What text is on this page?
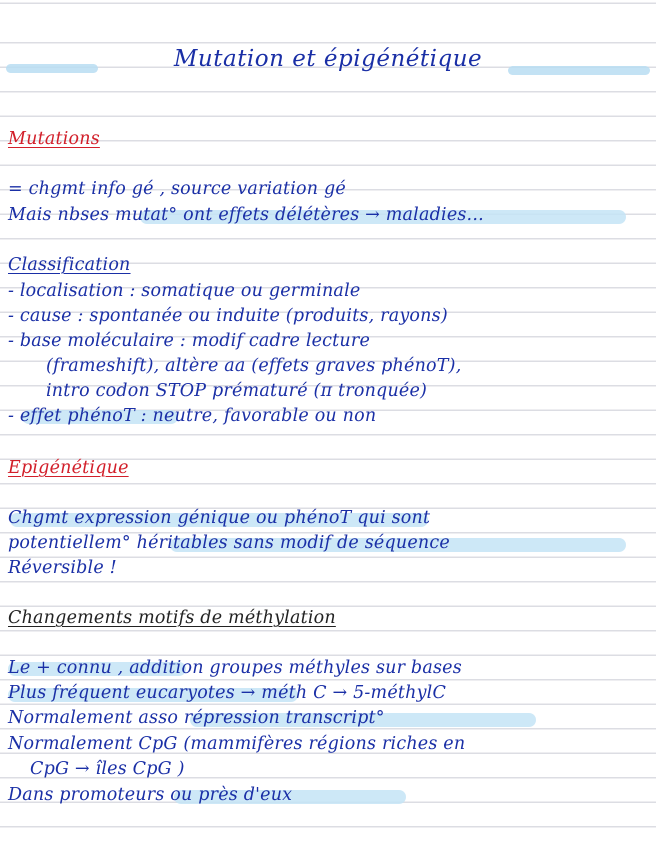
Mutation et épigénétique
Mutations
= chgmt info gé , source variation gé
Mais nbses mutat° ont effets délétères → maladies...
Classification
- localisation : somatique ou germinale
- cause : spontanée ou induite (produits, rayons)
- base moléculaire : modif cadre lecture
(frameshift), altère aa (effets graves phénoT),
intro codon STOP prématuré (π tronquée)
- effet phénoT : neutre, favorable ou non
Epigénétique
Chgmt expression génique ou phénoT qui sont
potentiellem° héritables sans modif de séquence
Réversible !
Changements motifs de méthylation
Le + connu , addition groupes méthyles sur bases
Plus fréquent eucaryotes → méth C → 5-méthylC
Normalement asso répression transcript°
Normalement CpG (mammifères régions riches en
CpG → îles CpG )
Dans promoteurs ou près d'eux
